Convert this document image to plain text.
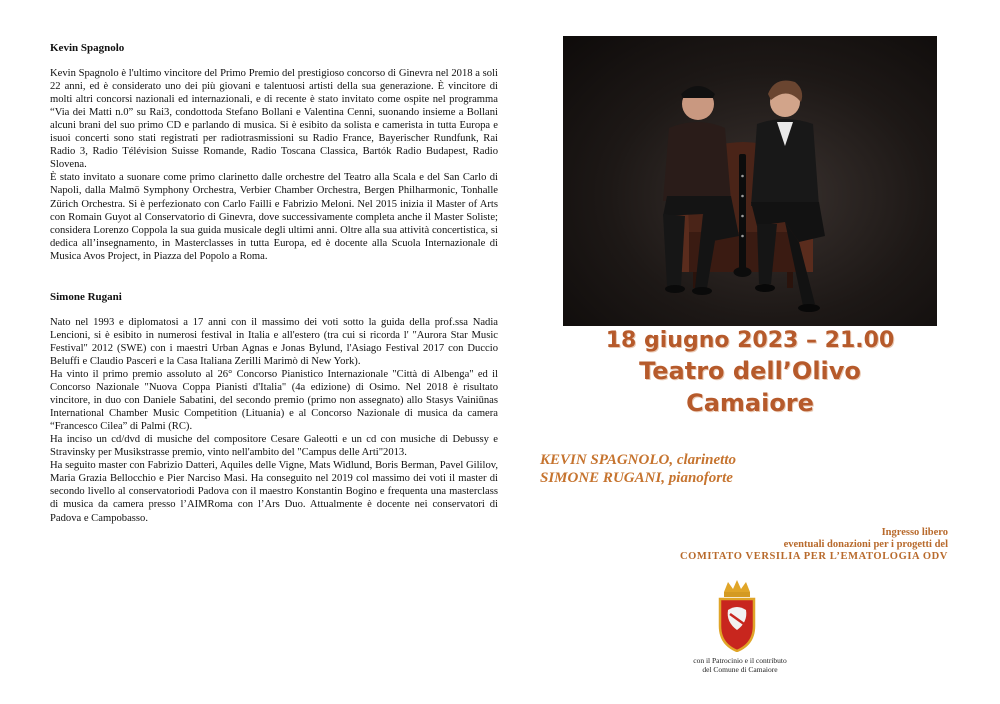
Kevin Spagnolo

Kevin Spagnolo è l'ultimo vincitore del Primo Premio del prestigioso concorso di Ginevra nel 2018 a soli 22 anni, ed è considerato uno dei più giovani e talentuosi artisti della sua generazione. È vincitore di molti altri concorsi nazionali ed internazionali, e di recente è stato invitato come ospite nel programma “Via dei Matti n.0” su Rai3, condottoda Stefano Bollani e Valentina Cenni, suonando insieme a Bollani alcuni brani del suo primo CD e parlando di musica. Si è esibito da solista e camerista in tutta Europa e isuoi concerti sono stati registrati per radiotrasmissioni su Radio France, Bayerischer Rundfunk, Rai Radio 3, Radio Télévision Suisse Romande, Radio Toscana Classica, Bartók Radio Budapest, Radio Slovena.

È stato invitato a suonare come primo clarinetto dalle orchestre del Teatro alla Scala e del San Carlo di Napoli, dalla Malmö Symphony Orchestra, Verbier Chamber Orchestra, Bergen Philharmonic, Tonhalle Zürich Orchestra. Si è perfezionato con Carlo Failli e Fabrizio Meloni. Nel 2015 inizia il Master of Arts con Romain Guyot al Conservatorio di Ginevra, dove successivamente completa anche il Master Soliste; considera Lorenzo Coppola la sua guida musicale degli ultimi anni. Oltre alla sua attività concertistica, si dedica all’insegnamento, in Masterclasses in tutta Europa, ed è docente alla Scuola Internazionale di Musica Avos Project, in Piazza del Popolo a Roma.

Simone Rugani

Nato nel 1993 e diplomatosi a 17 anni con il massimo dei voti sotto la guida della prof.ssa Nadia Lencioni, si è esibito in numerosi festival in Italia e all'estero (tra cui si ricorda l' "Aurora Star Music Festival" 2012 (SWE) con i maestri Urban Agnas e Jonas Bylund, l'Asiago Festival 2017 con Duccio Beluffi e Claudio Pasceri e la Casa Italiana Zerilli Marimò di New York).

Ha vinto il primo premio assoluto al 26° Concorso Pianistico Internazionale "Città di Albenga" ed il Concorso Nazionale "Nuova Coppa Pianisti d'Italia" (4a edizione) di Osimo. Nel 2018 è risultato vincitore, in duo con Daniele Sabatini, del secondo premio (primo non assegnato) allo Stasys Vainiūnas International Chamber Music Competition (Lituania) e al Concorso Nazionale di musica da camera “Francesco Cilea” di Palmi (RC).

Ha inciso un cd/dvd di musiche del compositore Cesare Galeotti e un cd con musiche di Debussy e Stravinsky per Musikstrasse premio, vinto nell'ambito del "Campus delle Arti"2013.

Ha seguito master con Fabrizio Datteri, Aquiles delle Vigne, Mats Widlund, Boris Berman, Pavel Gililov, Maria Grazia Bellocchio e Pier Narciso Masi. Ha conseguito nel 2019 col massimo dei voti il master di secondo livello al conservatoriodi Padova con il maestro Konstantin Bogino e frequenta una masterclass di musica da camera presso l’AIMRoma con l’Ars Duo. Attualmente è docente nei conservatori di Padova e Campobasso.

18 giugno 2023 – 21.00
Teatro dell’Olivo
Camaiore
KEVIN SPAGNOLO, clarinetto
SIMONE RUGANI, pianoforte
Ingresso libero
eventuali donazioni per i progetti del
COMITATO VERSILIA PER L’EMATOLOGIA ODV
con il Patrocinio e il contributo
del Comune di Camaiore
